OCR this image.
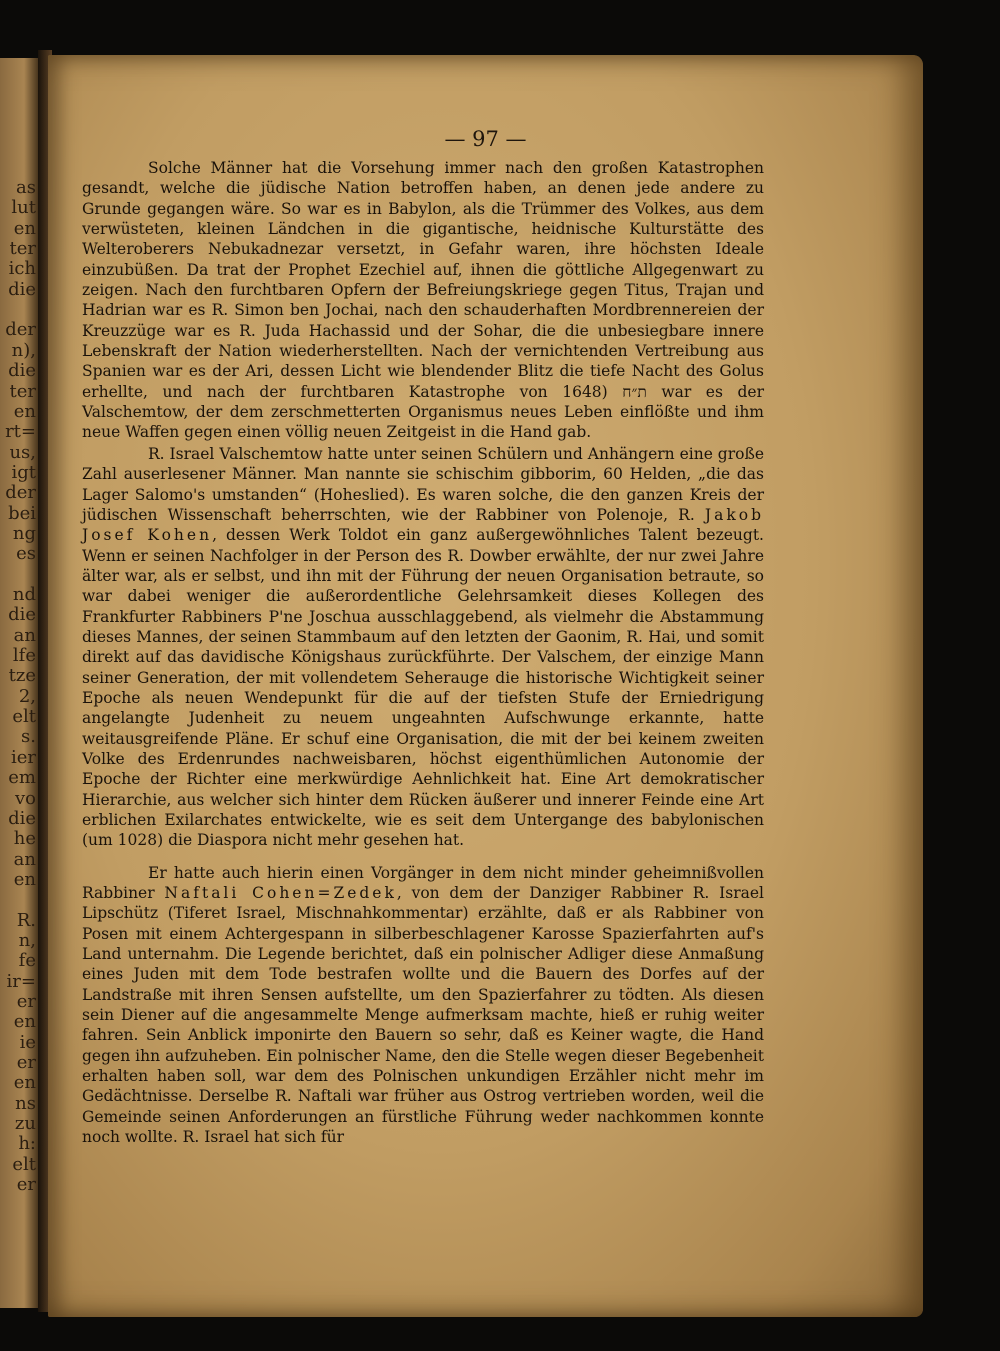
as
lut
en
ter
ich
die
der
n),
die
ter
en
rt=
us,
igt
der
bei
ng
es
nd
die
an
lfe
tze
2,
elt
s.
ier
em
vo
die
he
an
en
R.
n,
fe
ir=
er
en
ie
er
en
ns
zu
h:
elt
er
— 97 —

Solche Männer hat die Vorsehung immer nach den großen Katastrophen gesandt, welche die jüdische Nation betroffen haben, an denen jede andere zu Grunde gegangen wäre. So war es in Babylon, als die Trümmer des Volkes, aus dem verwüsteten, kleinen Ländchen in die gigantische, heidnische Kulturstätte des Welteroberers Nebukadnezar versetzt, in Gefahr waren, ihre höchsten Ideale einzubüßen. Da trat der Prophet Ezechiel auf, ihnen die göttliche Allgegenwart zu zeigen. Nach den furchtbaren Opfern der Befreiungskriege gegen Titus, Trajan und Hadrian war es R. Simon ben Jochai, nach den schauderhaften Mordbrennereien der Kreuzzüge war es R. Juda Hachassid und der Sohar, die die unbesiegbare innere Lebenskraft der Nation wiederherstellten. Nach der vernichtenden Vertreibung aus Spanien war es der Ari, dessen Licht wie blendender Blitz die tiefe Nacht des Golus erhellte, und nach der furchtbaren Katastrophe von ת״ח (1648 war es der Valschemtow, der dem zerschmetterten Organismus neues Leben einflößte und ihm neue Waffen gegen einen völlig neuen Zeitgeist in die Hand gab.

R. Israel Valschemtow hatte unter seinen Schülern und Anhängern eine große Zahl auserlesener Männer. Man nannte sie schischim gibborim, 60 Helden, „die das Lager Salomo's umstanden“ (Hoheslied). Es waren solche, die den ganzen Kreis der jüdischen Wissenschaft beherrschten, wie der Rabbiner von Polenoje, R. Jakob Josef Kohen, dessen Werk Toldot ein ganz außergewöhnliches Talent bezeugt. Wenn er seinen Nachfolger in der Person des R. Dowber erwählte, der nur zwei Jahre älter war, als er selbst, und ihn mit der Führung der neuen Organisation betraute, so war dabei weniger die außerordentliche Gelehrsamkeit dieses Kollegen des Frankfurter Rabbiners P'ne Joschua ausschlaggebend, als vielmehr die Abstammung dieses Mannes, der seinen Stammbaum auf den letzten der Gaonim, R. Hai, und somit direkt auf das davidische Königshaus zurückführte. Der Valschem, der einzige Mann seiner Generation, der mit vollendetem Seherauge die historische Wichtigkeit seiner Epoche als neuen Wendepunkt für die auf der tiefsten Stufe der Erniedrigung angelangte Judenheit zu neuem ungeahnten Aufschwunge erkannte, hatte weitausgreifende Pläne. Er schuf eine Organisation, die mit der bei keinem zweiten Volke des Erdenrundes nachweisbaren, höchst eigenthümlichen Autonomie der Epoche der Richter eine merkwürdige Aehnlichkeit hat. Eine Art demokratischer Hierarchie, aus welcher sich hinter dem Rücken äußerer und innerer Feinde eine Art erblichen Exilarchates entwickelte, wie es seit dem Untergange des babylonischen (um 1028) die Diaspora nicht mehr gesehen hat.

Er hatte auch hierin einen Vorgänger in dem nicht minder geheimnißvollen Rabbiner Naftali Cohen=Zedek, von dem der Danziger Rabbiner R. Israel Lipschütz (Tiferet Israel, Mischnahkommentar) erzählte, daß er als Rabbiner von Posen mit einem Achtergespann in silberbeschlagener Karosse Spazierfahrten auf's Land unternahm. Die Legende berichtet, daß ein polnischer Adliger diese Anmaßung eines Juden mit dem Tode bestrafen wollte und die Bauern des Dorfes auf der Landstraße mit ihren Sensen aufstellte, um den Spazierfahrer zu tödten. Als diesen sein Diener auf die angesammelte Menge aufmerksam machte, hieß er ruhig weiter fahren. Sein Anblick imponirte den Bauern so sehr, daß es Keiner wagte, die Hand gegen ihn aufzuheben. Ein polnischer Name, den die Stelle wegen dieser Begebenheit erhalten haben soll, war dem des Polnischen unkundigen Erzähler nicht mehr im Gedächtnisse. Derselbe R. Naftali war früher aus Ostrog vertrieben worden, weil die Gemeinde seinen Anforderungen an fürstliche Führung weder nachkommen konnte noch wollte. R. Israel hat sich für
